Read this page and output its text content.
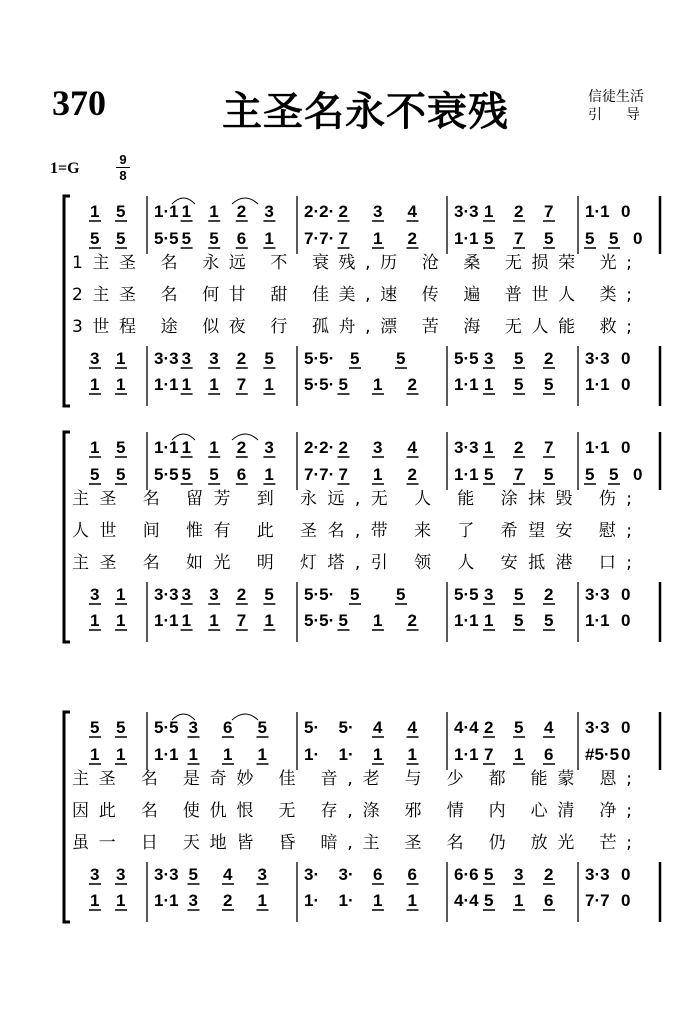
370	主圣名永不衰残	信徒生活
引导
1=G
9
8
1 5
5 5
1·1 1 1 2 3
5·5 5 5 6 1
2·2· 2 3 4
7·7· 7 1 2
3·3 1 2 7
1·1 5 7 5
1·1 0
5 5 0
1主圣 名 永远 不 衰残,历 沧 桑 无损荣 光;
2主圣 名 何甘 甜 佳美,速 传 遍 普世人 类;
3世程 途 似夜 行 孤舟,漂 苦 海 无人能 救;
3 1
1 1
3·3 3 3 2 5
1·1 1 1 7 1
5·5· 5 5
5·5· 5 1 2
5·5 3 5 2
1·1 1 5 5
3·3 0
1·1 0
1 5
5 5
1·1 1 1 2 3
5·5 5 5 6 1
2·2· 2 3 4
7·7· 7 1 2
3·3 1 2 7
1·1 5 7 5
1·1 0
5 5 0
主圣 名 留芳 到 永远,无 人 能 涂抹毁 伤;
人世 间 惟有 此 圣名,带 来 了 希望安 慰;
主圣 名 如光 明 灯塔,引 领 人 安抵港 口;
3 1
1 1
3·3 3 3 2 5
1·1 1 1 7 1
5·5· 5 5
5·5· 5 1 2
5·5 3 5 2
1·1 1 5 5
3·3 0
1·1 0
5 5
1 1
5·5 3 6 5
1·1 1 1 1
5· 5· 4 4
1· 1· 1 1
4·4 2 5 4
1·1 7 1 6
3·3 0
#5·5 0
主圣 名 是奇妙 佳 音,老 与 少 都 能蒙 恩;
因此 名 使仇恨 无 存,涤 邪 情 内 心清 净;
虽一 日 天地皆 昏 暗,主 圣 名 仍 放光 芒;
3 3
1 1
3·3 5 4 3
1·1 3 2 1
3· 3· 6 6
1· 1· 1 1
6·6 5 3 2
4·4 5 1 6
3·3 0
7·7 0
